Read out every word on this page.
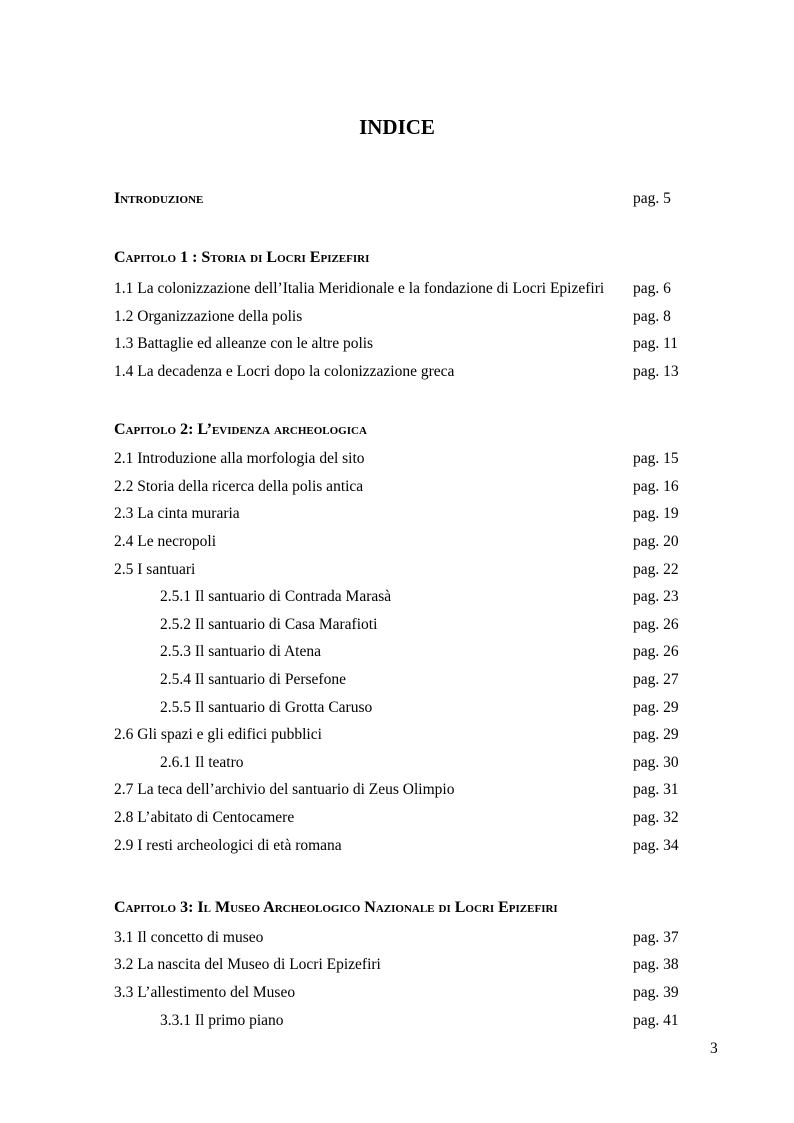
INDICE
Introduzione	pag. 5
Capitolo 1 : Storia di Locri Epizefiri
1.1 La colonizzazione dell’Italia Meridionale e la fondazione di Locri Epizefiri pag. 6
1.2 Organizzazione della polis	pag. 8
1.3 Battaglie ed alleanze con le altre polis	pag. 11
1.4 La decadenza e Locri dopo la colonizzazione greca	pag. 13
Capitolo 2: L’evidenza archeologica
2.1 Introduzione alla morfologia del sito	pag. 15
2.2 Storia della ricerca della polis antica	pag. 16
2.3 La cinta muraria	pag. 19
2.4 Le necropoli	pag. 20
2.5 I santuari	pag. 22
2.5.1 Il santuario di Contrada Marasà	pag. 23
2.5.2 Il santuario di Casa Marafioti	pag. 26
2.5.3 Il santuario di Atena	pag. 26
2.5.4 Il santuario di Persefone	pag. 27
2.5.5 Il santuario di Grotta Caruso	pag. 29
2.6 Gli spazi e gli edifici pubblici	pag. 29
2.6.1 Il teatro	pag. 30
2.7 La teca dell’archivio del santuario di Zeus Olimpio	pag. 31
2.8 L’abitato di Centocamere	pag. 32
2.9 I resti archeologici di età romana	pag. 34
Capitolo 3: Il Museo Archeologico Nazionale di Locri Epizefiri
3.1 Il concetto di museo	pag. 37
3.2 La nascita del Museo di Locri Epizefiri	pag. 38
3.3 L’allestimento del Museo	pag. 39
3.3.1 Il primo piano	pag. 41
3
